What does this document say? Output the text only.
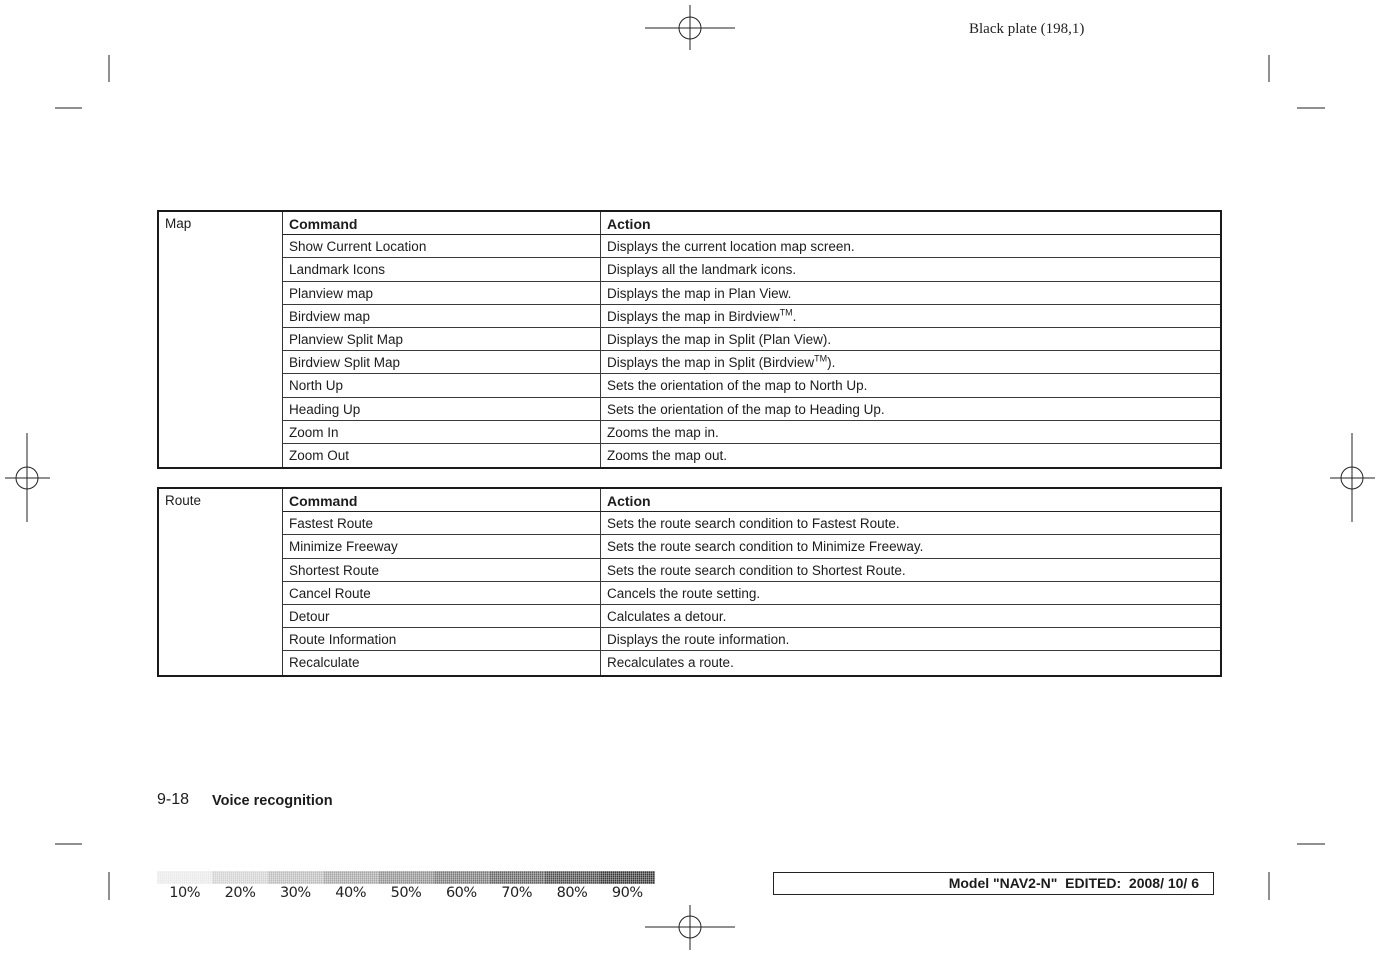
Black plate (198,1)
Map	Command	Action
Show Current Location	Displays the current location map screen.
Landmark Icons	Displays all the landmark icons.
Planview map	Displays the map in Plan View.
Birdview map	Displays the map in Birdview™.
Planview Split Map	Displays the map in Split (Plan View).
Birdview Split Map	Displays the map in Split (Birdview™).
North Up	Sets the orientation of the map to North Up.
Heading Up	Sets the orientation of the map to Heading Up.
Zoom In	Zooms the map in.
Zoom Out	Zooms the map out.
Route	Command	Action
Fastest Route	Sets the route search condition to Fastest Route.
Minimize Freeway	Sets the route search condition to Minimize Freeway.
Shortest Route	Sets the route search condition to Shortest Route.
Cancel Route	Cancels the route setting.
Detour	Calculates a detour.
Route Information	Displays the route information.
Recalculate	Recalculates a route.
9-18 Voice recognition
10%	20%	30%	40%	50%	60%	70%	80%	90%
Model "NAV2-N"  EDITED:  2008/ 10/ 6
